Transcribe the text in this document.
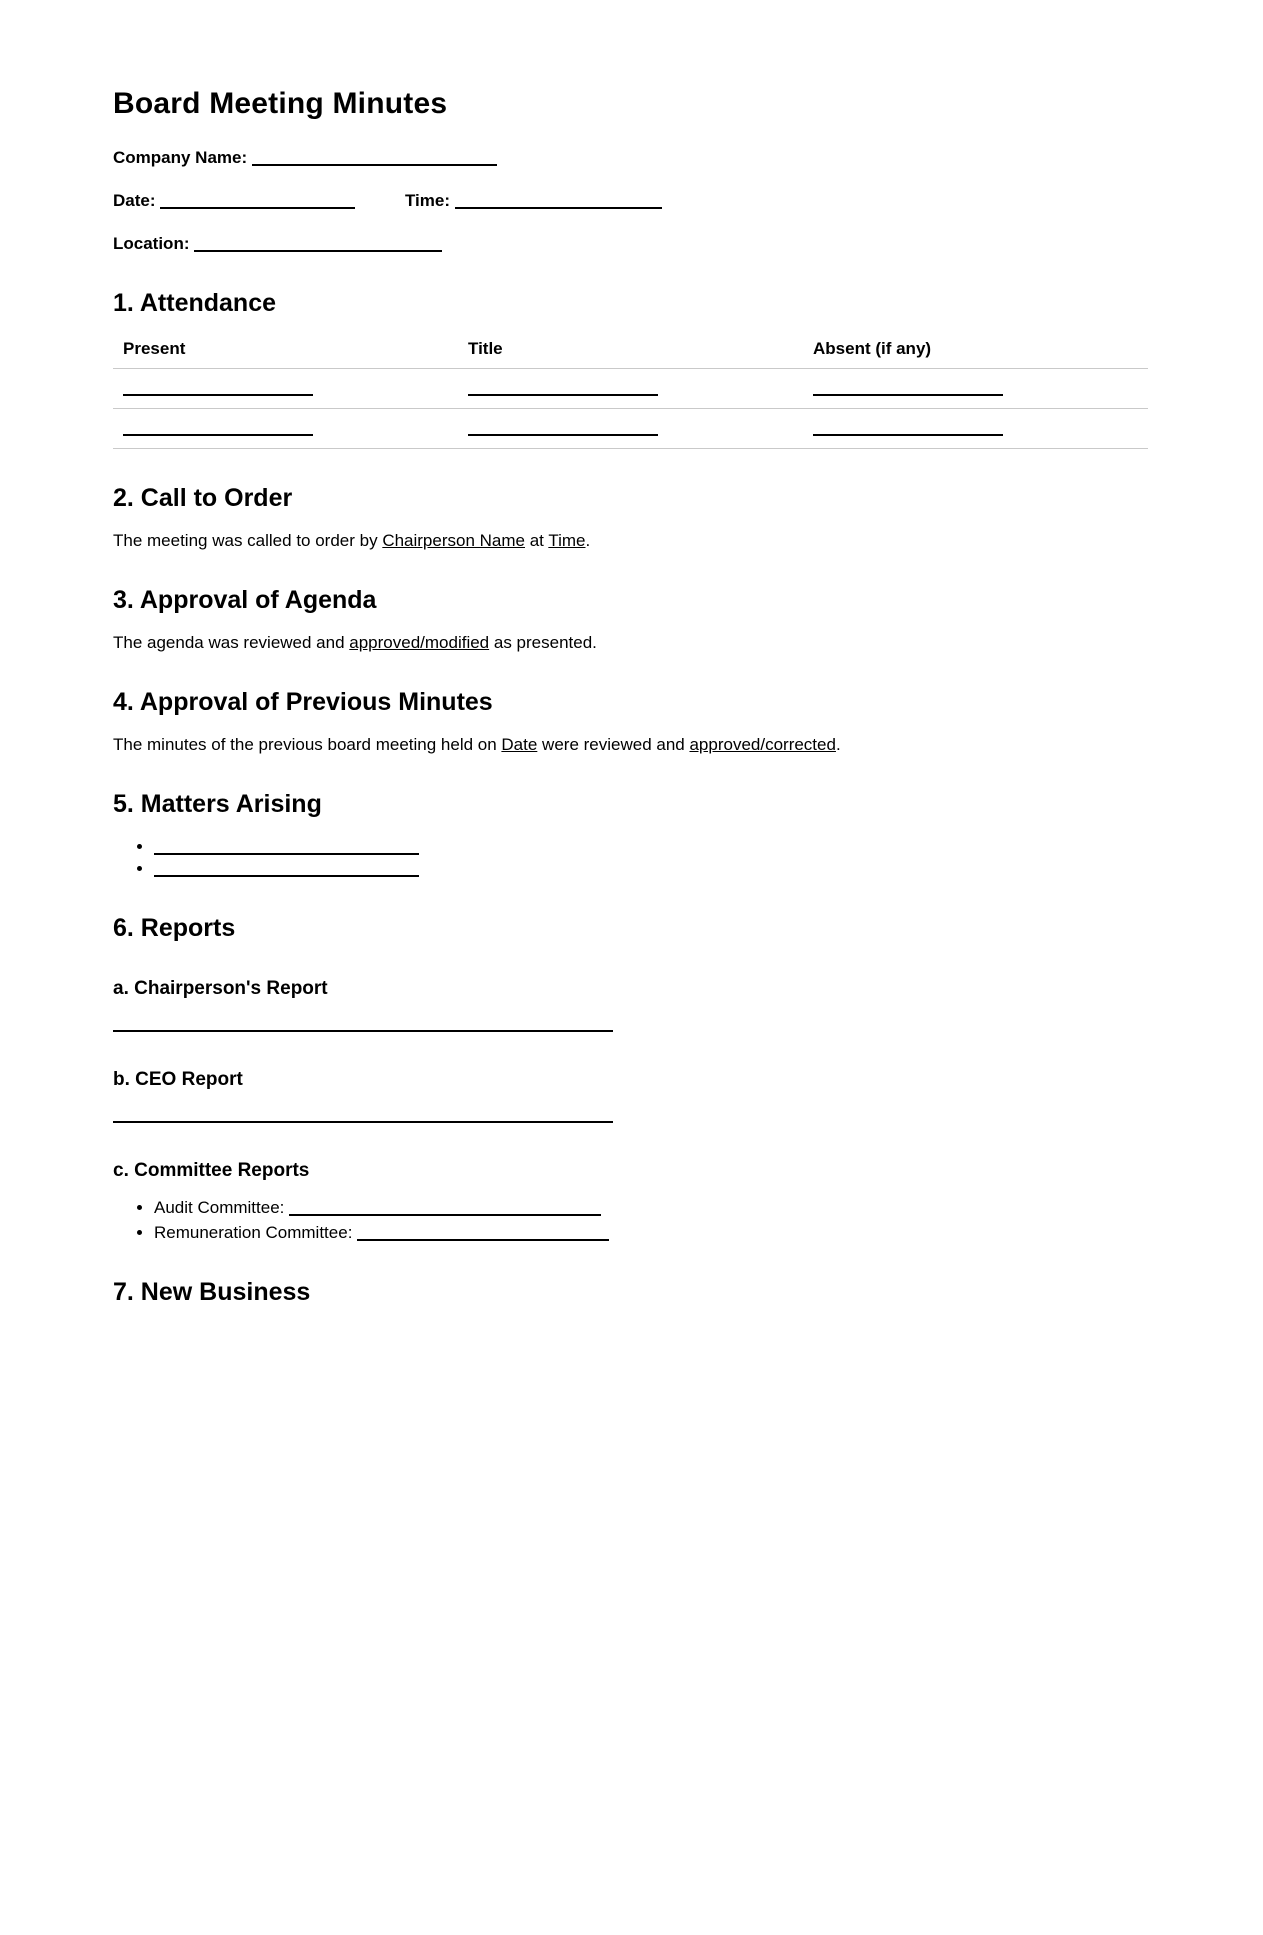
Board Meeting Minutes

Company Name:

Date:	Time:

Location:

1. Attendance
Present	Title	Absent (if any)

2. Call to Order

The meeting was called to order by Chairperson Name at Time.

3. Approval of Agenda

The agenda was reviewed and approved/modified as presented.

4. Approval of Previous Minutes

The minutes of the previous board meeting held on Date were reviewed and approved/corrected.

5. Matters Arising
•
•
6. Reports
a. Chairperson's Report

b. CEO Report

c. Committee Reports
• Audit Committee:
• Remuneration Committee:
7. New Business
